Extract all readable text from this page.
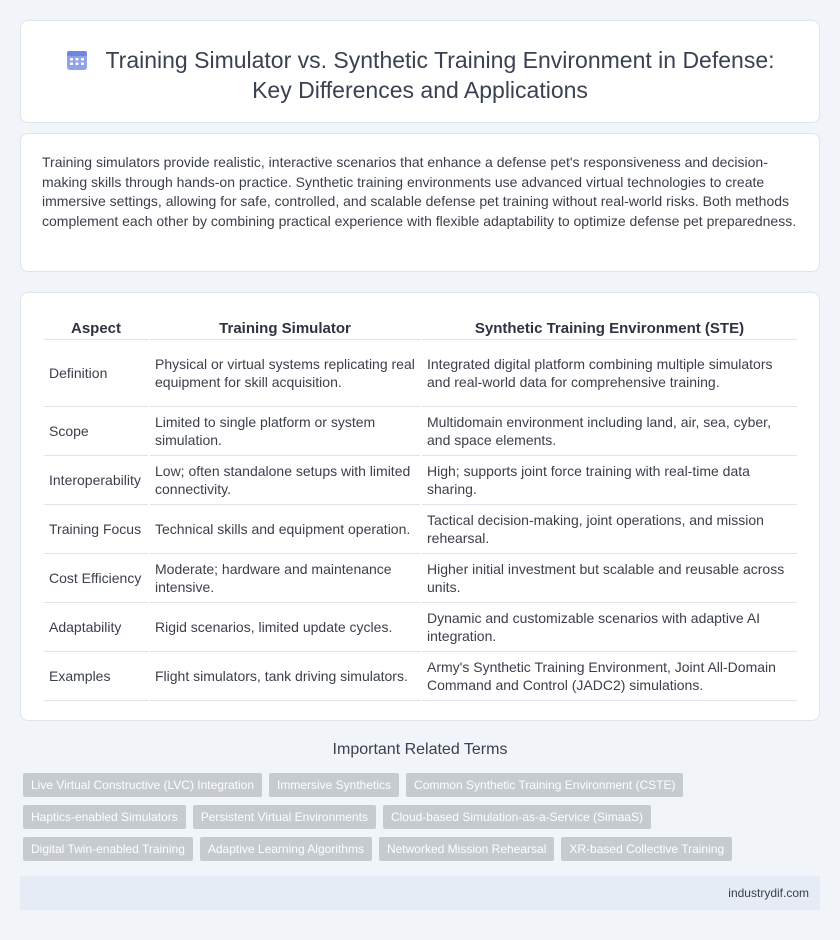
Training Simulator vs. Synthetic Training Environment in Defense: Key Differences and Applications

Training simulators provide realistic, interactive scenarios that enhance a defense pet's responsiveness and decision-making skills through hands-on practice. Synthetic training environments use advanced virtual technologies to create immersive settings, allowing for safe, controlled, and scalable defense pet training without real-world risks. Both methods complement each other by combining practical experience with flexible adaptability to optimize defense pet preparedness.

Aspect	Training Simulator	Synthetic Training Environment (STE)
Definition	Physical or virtual systems replicating real equipment for skill acquisition.	Integrated digital platform combining multiple simulators and real-world data for comprehensive training.
Scope	Limited to single platform or system simulation.	Multidomain environment including land, air, sea, cyber, and space elements.
Interoperability	Low; often standalone setups with limited connectivity.	High; supports joint force training with real-time data sharing.
Training Focus	Technical skills and equipment operation.	Tactical decision-making, joint operations, and mission rehearsal.
Cost Efficiency	Moderate; hardware and maintenance intensive.	Higher initial investment but scalable and reusable across units.
Adaptability	Rigid scenarios, limited update cycles.	Dynamic and customizable scenarios with adaptive AI integration.
Examples	Flight simulators, tank driving simulators.	Army's Synthetic Training Environment, Joint All-Domain Command and Control (JADC2) simulations.
Important Related Terms
Live Virtual Constructive (LVC) Integration	Immersive Synthetics	Common Synthetic Training Environment (CSTE)
Haptics-enabled Simulators	Persistent Virtual Environments	Cloud-based Simulation-as-a-Service (SimaaS)
Digital Twin-enabled Training	Adaptive Learning Algorithms	Networked Mission Rehearsal	XR-based Collective Training
industrydif.com
